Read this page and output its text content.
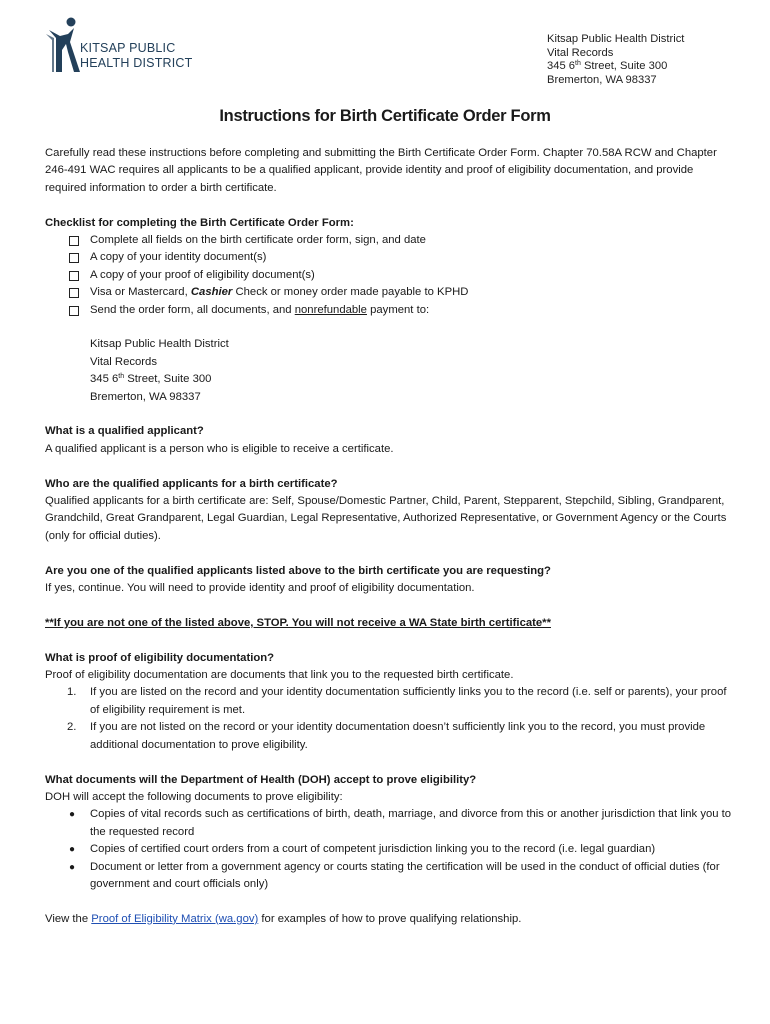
KITSAP PUBLIC
HEALTH DISTRICT
Kitsap Public Health District
Vital Records
345 6th Street, Suite 300
Bremerton, WA 98337
Instructions for Birth Certificate Order Form

Carefully read these instructions before completing and submitting the Birth Certificate Order Form. Chapter 70.58A RCW and Chapter 246-491 WAC requires all applicants to be a qualified applicant, provide identity and proof of eligibility documentation, and provide required information to order a birth certificate.

Checklist for completing the Birth Certificate Order Form:

Complete all fields on the birth certificate order form, sign, and date
A copy of your identity document(s)
A copy of your proof of eligibility document(s)
Visa or Mastercard, Cashier Check or money order made payable to KPHD
Send the order form, all documents, and nonrefundable payment to:
Kitsap Public Health District
Vital Records
345 6th Street, Suite 300
Bremerton, WA 98337

What is a qualified applicant?

A qualified applicant is a person who is eligible to receive a certificate.

Who are the qualified applicants for a birth certificate?

Qualified applicants for a birth certificate are: Self, Spouse/Domestic Partner, Child, Parent, Stepparent, Stepchild, Sibling, Grandparent, Grandchild, Great Grandparent, Legal Guardian, Legal Representative, Authorized Representative, or Government Agency or the Courts (only for official duties).

Are you one of the qualified applicants listed above to the birth certificate you are requesting?

If yes, continue. You will need to provide identity and proof of eligibility documentation.

**If you are not one of the listed above, STOP. You will not receive a WA State birth certificate**

What is proof of eligibility documentation?

Proof of eligibility documentation are documents that link you to the requested birth certificate.

1. If you are listed on the record and your identity documentation sufficiently links you to the record (i.e. self or parents), your proof of eligibility requirement is met.
2. If you are not listed on the record or your identity documentation doesn’t sufficiently link you to the record, you must provide additional documentation to prove eligibility.

What documents will the Department of Health (DOH) accept to prove eligibility?

DOH will accept the following documents to prove eligibility:

● Copies of vital records such as certifications of birth, death, marriage, and divorce from this or another jurisdiction that link you to the requested record
● Copies of certified court orders from a court of competent jurisdiction linking you to the record (i.e. legal guardian)
● Document or letter from a government agency or courts stating the certification will be used in the conduct of official duties (for government and court officials only)

View the Proof of Eligibility Matrix (wa.gov) for examples of how to prove qualifying relationship.
